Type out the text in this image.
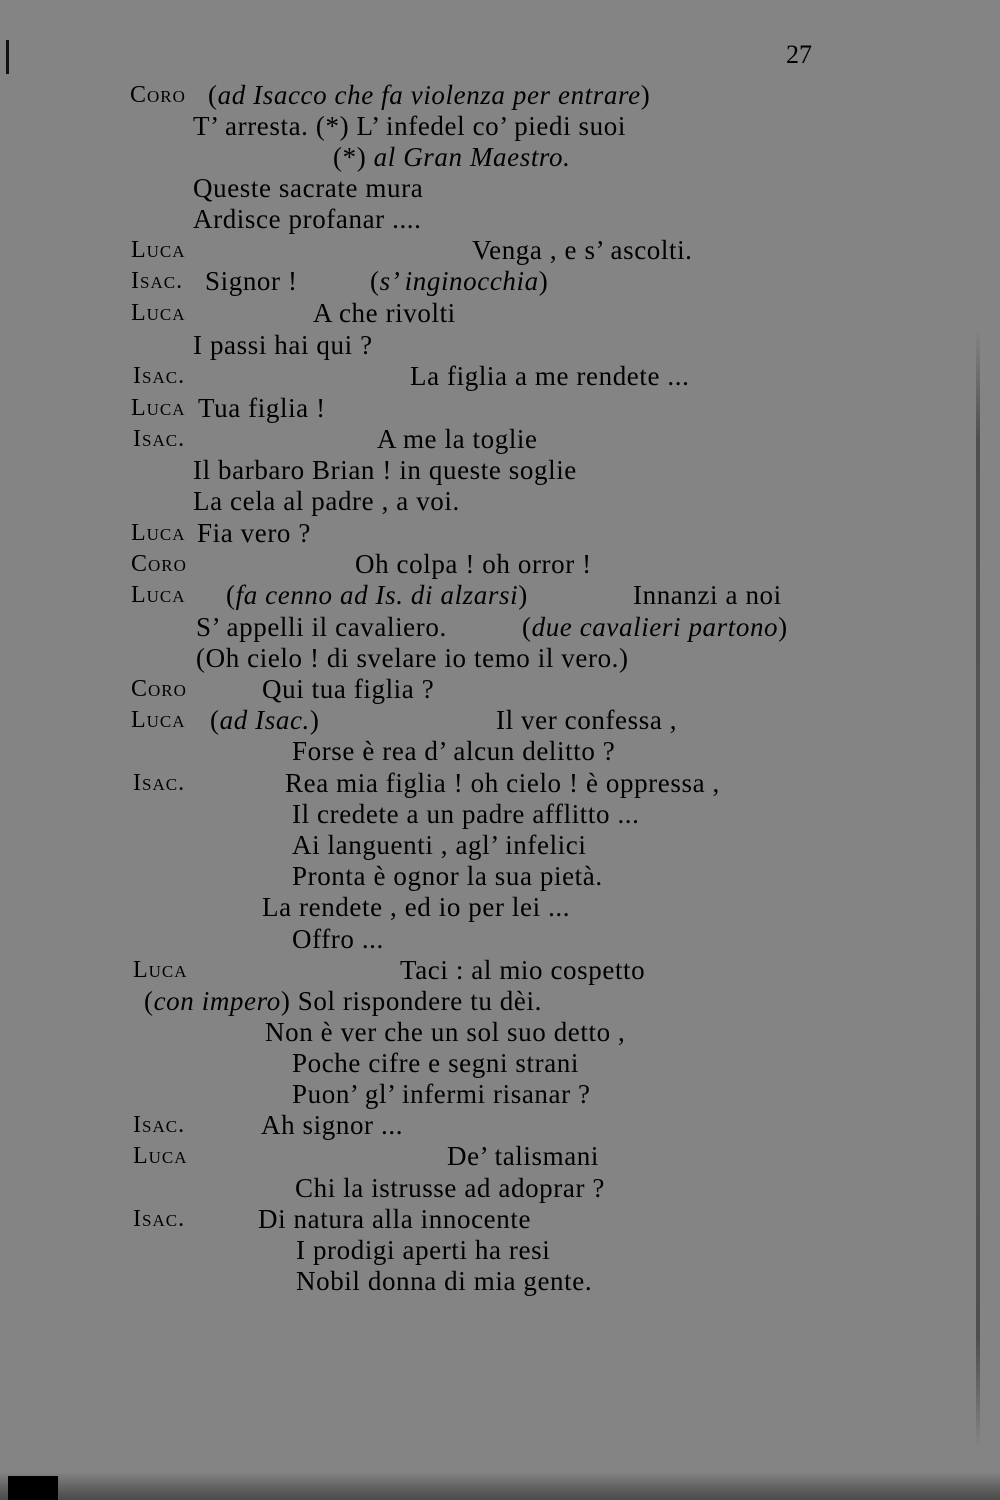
27
Coro (ad Isacco che fa violenza per entrare)
T’ arresta. (*) L’ infedel co’ piedi suoi
(*) al Gran Maestro.
Queste sacrate mura
Ardisce profanar ....
Luca	Venga , e s’ ascolti.
Isac. Signor !	(s’ inginocchia)
Luca	A che rivolti
I passi hai qui ?
Isac.	La figlia a me rendete ...
Luca Tua figlia !
Isac.	A me la toglie
Il barbaro Brian ! in queste soglie
La cela al padre , a voi.
Luca Fia vero ?
Coro	Oh colpa ! oh orror !
Luca (fa cenno ad Is. di alzarsi)	Innanzi a noi
S’ appelli il cavaliero.	(due cavalieri partono)
(Oh cielo ! di svelare io temo il vero.)
Coro	Qui tua figlia ?
Luca (ad Isac.)	Il ver confessa ,
Forse è rea d’ alcun delitto ?
Isac.	Rea mia figlia ! oh cielo ! è oppressa ,
Il credete a un padre afflitto ...
Ai languenti , agl’ infelici
Pronta è ognor la sua pietà.
La rendete , ed io per lei ...
Offro ...
Luca	Taci : al mio cospetto
(con impero) Sol rispondere tu dèi.
Non è ver che un sol suo detto ,
Poche cifre e segni strani
Puon’ gl’ infermi risanar ?
Isac.	Ah signor ...
Luca	De’ talismani
Chi la istrusse ad adoprar ?
Isac.	Di natura alla innocente
I prodigi aperti ha resi
Nobil donna di mia gente.
